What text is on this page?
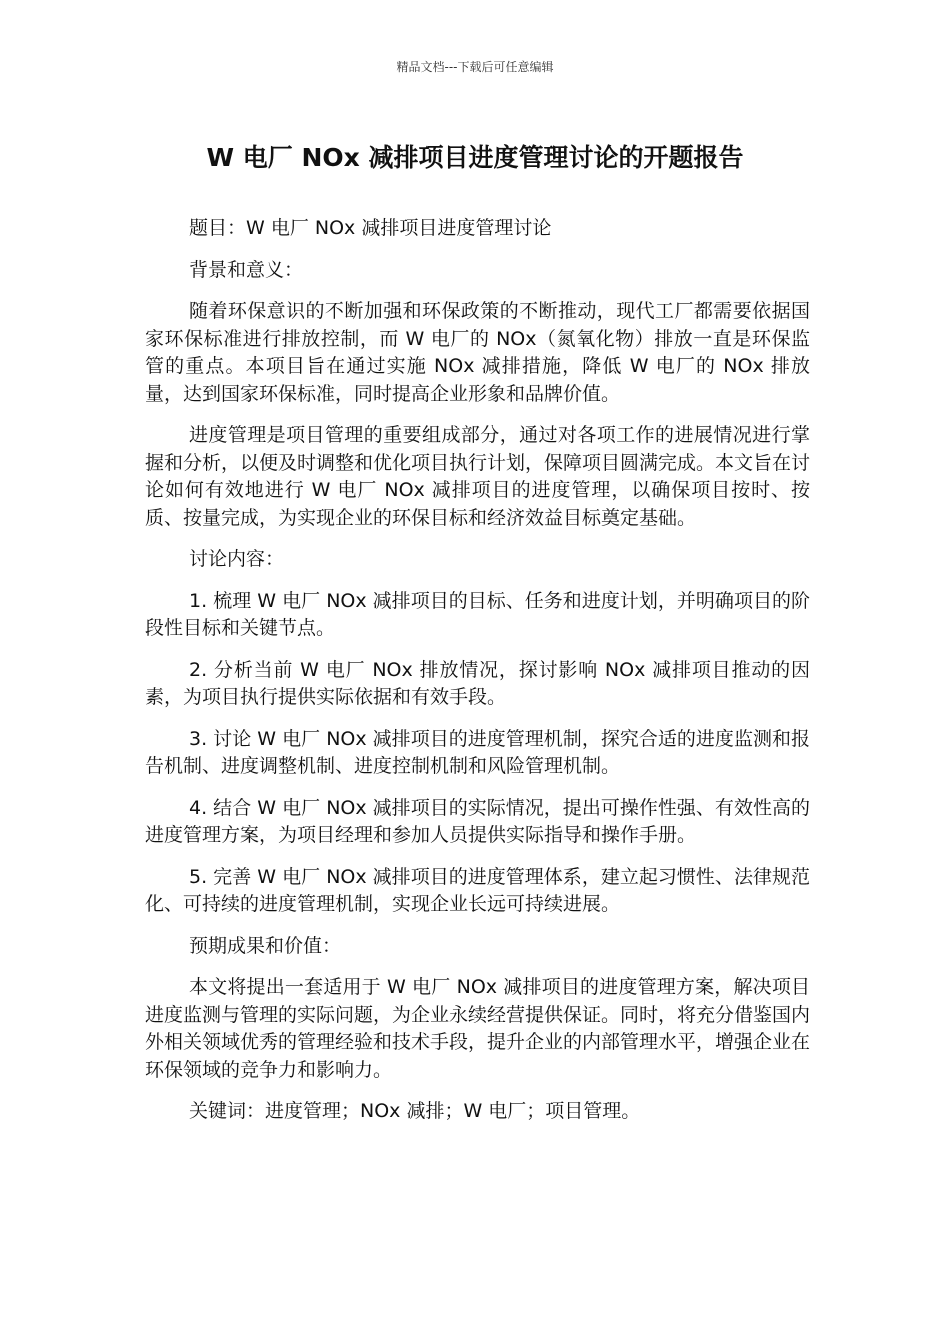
精品文档---下载后可任意编辑
W 电厂 NOx 减排项目进度管理讨论的开题报告

题目：W 电厂 NOx 减排项目进度管理讨论

背景和意义：

随着环保意识的不断加强和环保政策的不断推动，现代工厂都需要依据国家环保标准进行排放控制，而 W 电厂的 NOx（氮氧化物）排放一直是环保监管的重点。本项目旨在通过实施 NOx 减排措施，降低 W 电厂的 NOx 排放量，达到国家环保标准，同时提高企业形象和品牌价值。

进度管理是项目管理的重要组成部分，通过对各项工作的进展情况进行掌握和分析，以便及时调整和优化项目执行计划，保障项目圆满完成。本文旨在讨论如何有效地进行 W 电厂 NOx 减排项目的进度管理，以确保项目按时、按质、按量完成，为实现企业的环保目标和经济效益目标奠定基础。

讨论内容：

1. 梳理 W 电厂 NOx 减排项目的目标、任务和进度计划，并明确项目的阶段性目标和关键节点。

2. 分析当前 W 电厂 NOx 排放情况，探讨影响 NOx 减排项目推动的因素，为项目执行提供实际依据和有效手段。

3. 讨论 W 电厂 NOx 减排项目的进度管理机制，探究合适的进度监测和报告机制、进度调整机制、进度控制机制和风险管理机制。

4. 结合 W 电厂 NOx 减排项目的实际情况，提出可操作性强、有效性高的进度管理方案，为项目经理和参加人员提供实际指导和操作手册。

5. 完善 W 电厂 NOx 减排项目的进度管理体系，建立起习惯性、法律规范化、可持续的进度管理机制，实现企业长远可持续进展。

预期成果和价值：

本文将提出一套适用于 W 电厂 NOx 减排项目的进度管理方案，解决项目进度监测与管理的实际问题，为企业永续经营提供保证。同时，将充分借鉴国内外相关领域优秀的管理经验和技术手段，提升企业的内部管理水平，增强企业在环保领域的竞争力和影响力。

关键词：进度管理；NOx 减排；W 电厂；项目管理。
